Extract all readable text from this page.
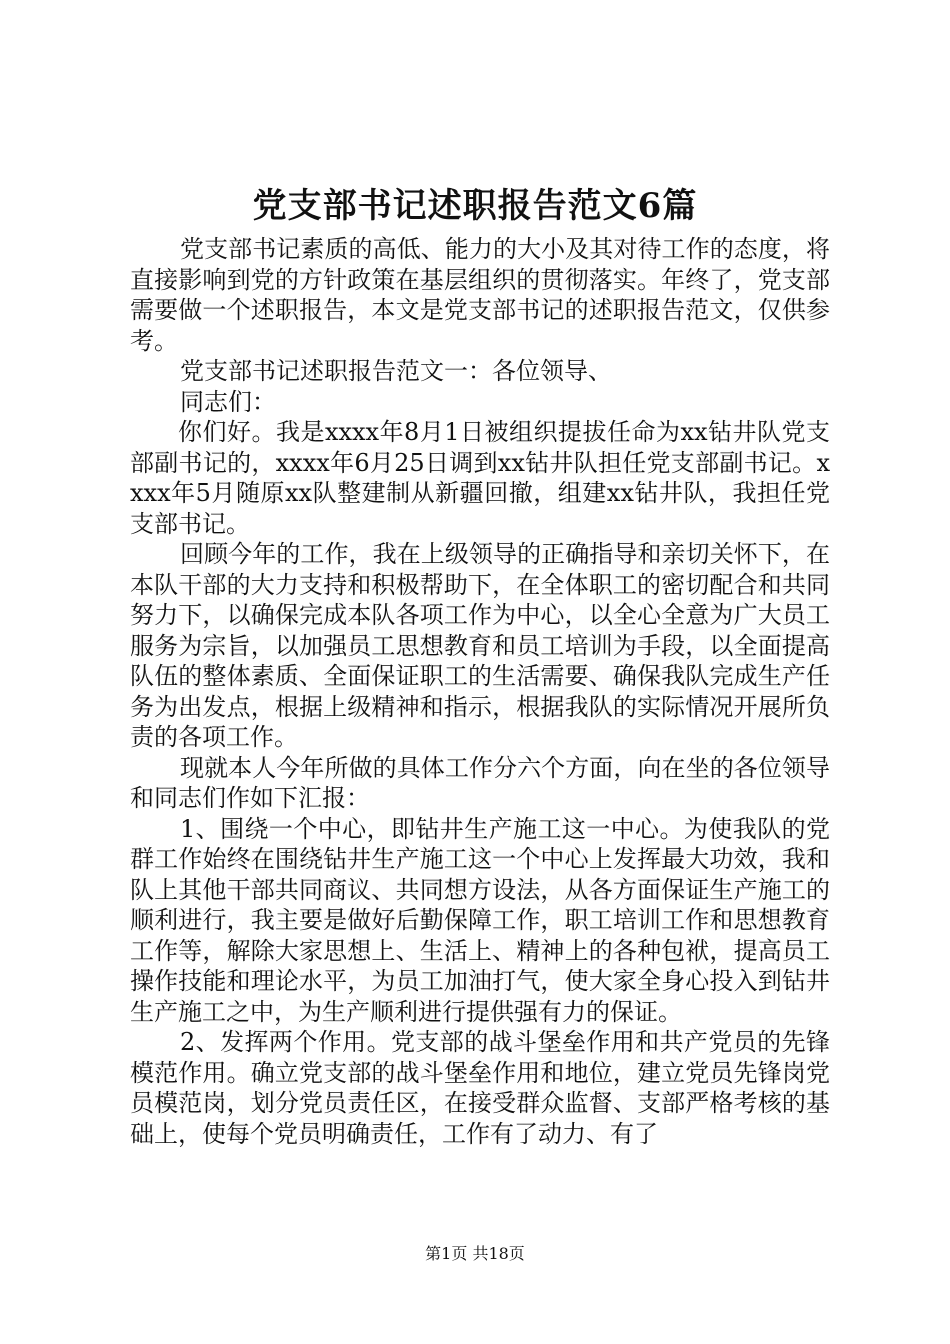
党支部书记述职报告范文6篇

党支部书记素质的高低、能力的大小及其对待工作的态度，将直接影响到党的方针政策在基层组织的贯彻落实。年终了，党支部需要做一个述职报告，本文是党支部书记的述职报告范文，仅供参考。

党支部书记述职报告范文一：各位领导、

同志们：

你们好。我是xxxx年8月1日被组织提拔任命为xx钻井队党支部副书记的，xxxx年6月25日调到xx钻井队担任党支部副书记。xxxx年5月随原xx队整建制从新疆回撤，组建xx钻井队，我担任党支部书记。

回顾今年的工作，我在上级领导的正确指导和亲切关怀下，在本队干部的大力支持和积极帮助下，在全体职工的密切配合和共同努力下，以确保完成本队各项工作为中心，以全心全意为广大员工服务为宗旨，以加强员工思想教育和员工培训为手段，以全面提高队伍的整体素质、全面保证职工的生活需要、确保我队完成生产任务为出发点，根据上级精神和指示，根据我队的实际情况开展所负责的各项工作。

现就本人今年所做的具体工作分六个方面，向在坐的各位领导和同志们作如下汇报：

1、围绕一个中心，即钻井生产施工这一中心。为使我队的党群工作始终在围绕钻井生产施工这一个中心上发挥最大功效，我和队上其他干部共同商议、共同想方设法，从各方面保证生产施工的顺利进行，我主要是做好后勤保障工作，职工培训工作和思想教育工作等，解除大家思想上、生活上、精神上的各种包袱，提高员工操作技能和理论水平，为员工加油打气，使大家全身心投入到钻井生产施工之中，为生产顺利进行提供强有力的保证。

2、发挥两个作用。党支部的战斗堡垒作用和共产党员的先锋模范作用。确立党支部的战斗堡垒作用和地位，建立党员先锋岗党员模范岗，划分党员责任区，在接受群众监督、支部严格考核的基础上，使每个党员明确责任，工作有了动力、有了

第1页 共18页
